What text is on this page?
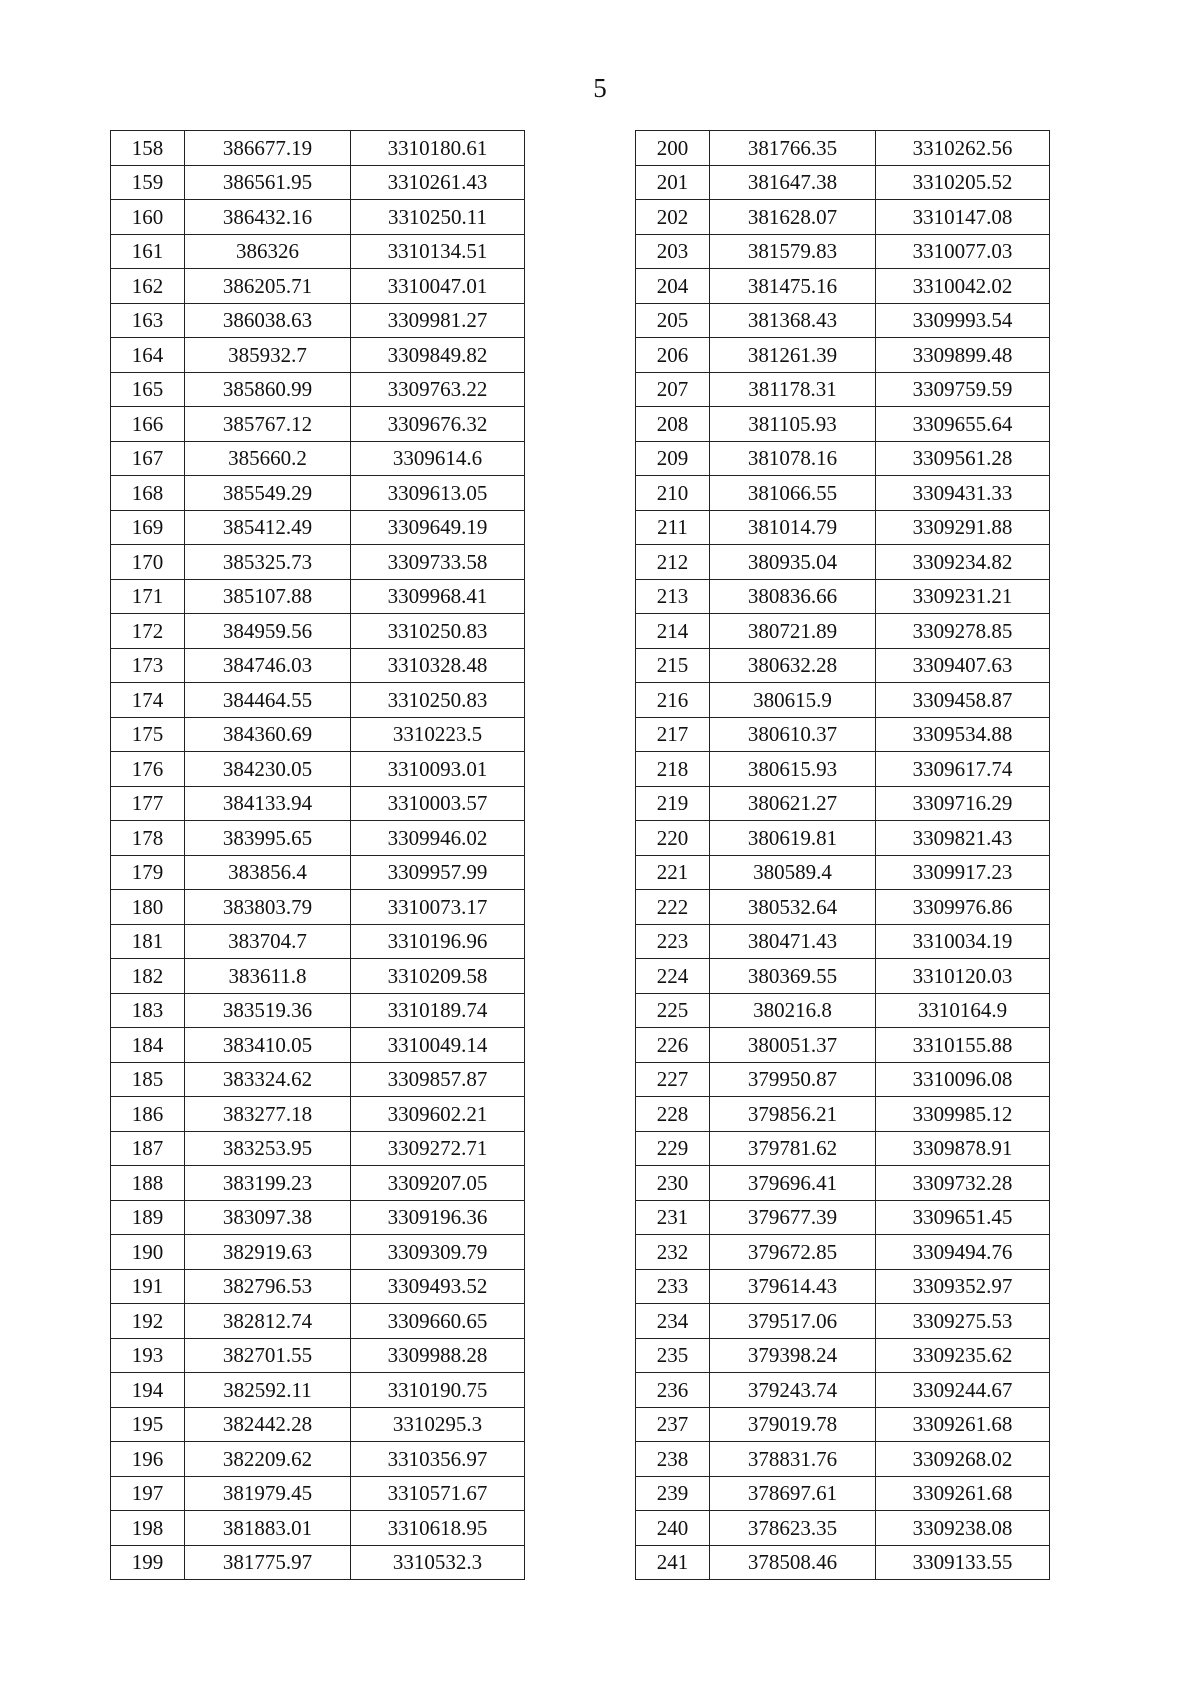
5
158	386677.19	3310180.61
159	386561.95	3310261.43
160	386432.16	3310250.11
161	386326	3310134.51
162	386205.71	3310047.01
163	386038.63	3309981.27
164	385932.7	3309849.82
165	385860.99	3309763.22
166	385767.12	3309676.32
167	385660.2	3309614.6
168	385549.29	3309613.05
169	385412.49	3309649.19
170	385325.73	3309733.58
171	385107.88	3309968.41
172	384959.56	3310250.83
173	384746.03	3310328.48
174	384464.55	3310250.83
175	384360.69	3310223.5
176	384230.05	3310093.01
177	384133.94	3310003.57
178	383995.65	3309946.02
179	383856.4	3309957.99
180	383803.79	3310073.17
181	383704.7	3310196.96
182	383611.8	3310209.58
183	383519.36	3310189.74
184	383410.05	3310049.14
185	383324.62	3309857.87
186	383277.18	3309602.21
187	383253.95	3309272.71
188	383199.23	3309207.05
189	383097.38	3309196.36
190	382919.63	3309309.79
191	382796.53	3309493.52
192	382812.74	3309660.65
193	382701.55	3309988.28
194	382592.11	3310190.75
195	382442.28	3310295.3
196	382209.62	3310356.97
197	381979.45	3310571.67
198	381883.01	3310618.95
199	381775.97	3310532.3
200	381766.35	3310262.56
201	381647.38	3310205.52
202	381628.07	3310147.08
203	381579.83	3310077.03
204	381475.16	3310042.02
205	381368.43	3309993.54
206	381261.39	3309899.48
207	381178.31	3309759.59
208	381105.93	3309655.64
209	381078.16	3309561.28
210	381066.55	3309431.33
211	381014.79	3309291.88
212	380935.04	3309234.82
213	380836.66	3309231.21
214	380721.89	3309278.85
215	380632.28	3309407.63
216	380615.9	3309458.87
217	380610.37	3309534.88
218	380615.93	3309617.74
219	380621.27	3309716.29
220	380619.81	3309821.43
221	380589.4	3309917.23
222	380532.64	3309976.86
223	380471.43	3310034.19
224	380369.55	3310120.03
225	380216.8	3310164.9
226	380051.37	3310155.88
227	379950.87	3310096.08
228	379856.21	3309985.12
229	379781.62	3309878.91
230	379696.41	3309732.28
231	379677.39	3309651.45
232	379672.85	3309494.76
233	379614.43	3309352.97
234	379517.06	3309275.53
235	379398.24	3309235.62
236	379243.74	3309244.67
237	379019.78	3309261.68
238	378831.76	3309268.02
239	378697.61	3309261.68
240	378623.35	3309238.08
241	378508.46	3309133.55
